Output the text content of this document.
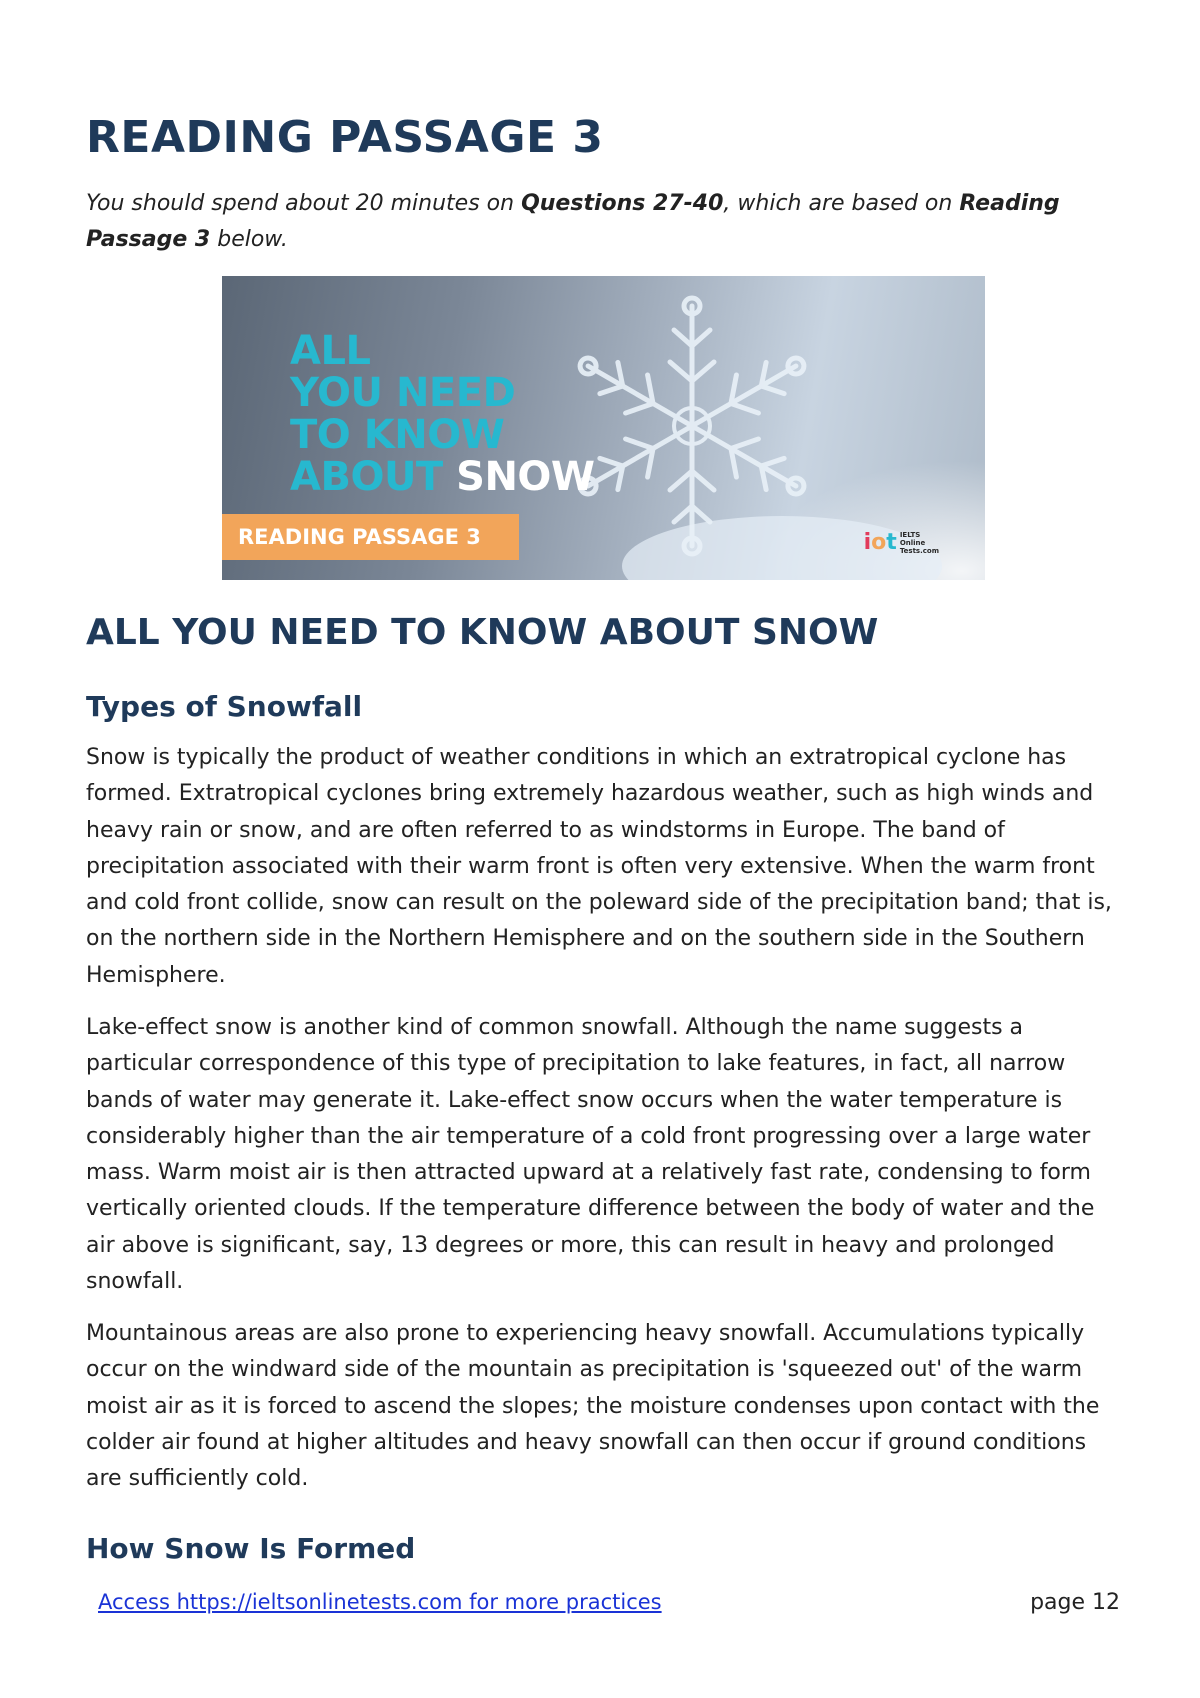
READING PASSAGE 3

You should spend about 20 minutes on Questions 27-40, which are based on Reading Passage 3 below.

ALL
YOU NEED
TO KNOW
ABOUT SNOW
READING PASSAGE 3	iot IELTS
Online
Tests.com
ALL YOU NEED TO KNOW ABOUT SNOW
Types of Snowfall

Snow is typically the product of weather conditions in which an extratropical cyclone has formed. Extratropical cyclones bring extremely hazardous weather, such as high winds and heavy rain or snow, and are often referred to as windstorms in Europe. The band of precipitation associated with their warm front is often very extensive. When the warm front and cold front collide, snow can result on the poleward side of the precipitation band; that is, on the northern side in the Northern Hemisphere and on the southern side in the Southern Hemisphere.

Lake-effect snow is another kind of common snowfall. Although the name suggests a particular correspondence of this type of precipitation to lake features, in fact, all narrow bands of water may generate it. Lake-effect snow occurs when the water temperature is considerably higher than the air temperature of a cold front progressing over a large water mass. Warm moist air is then attracted upward at a relatively fast rate, condensing to form vertically oriented clouds. If the temperature difference between the body of water and the air above is significant, say, 13 degrees or more, this can result in heavy and prolonged snowfall.

Mountainous areas are also prone to experiencing heavy snowfall. Accumulations typically occur on the windward side of the mountain as precipitation is 'squeezed out' of the warm moist air as it is forced to ascend the slopes; the moisture condenses upon contact with the colder air found at higher altitudes and heavy snowfall can then occur if ground conditions are sufficiently cold.

How Snow Is Formed
Access https://ieltsonlinetests.com for more practices	page 12
